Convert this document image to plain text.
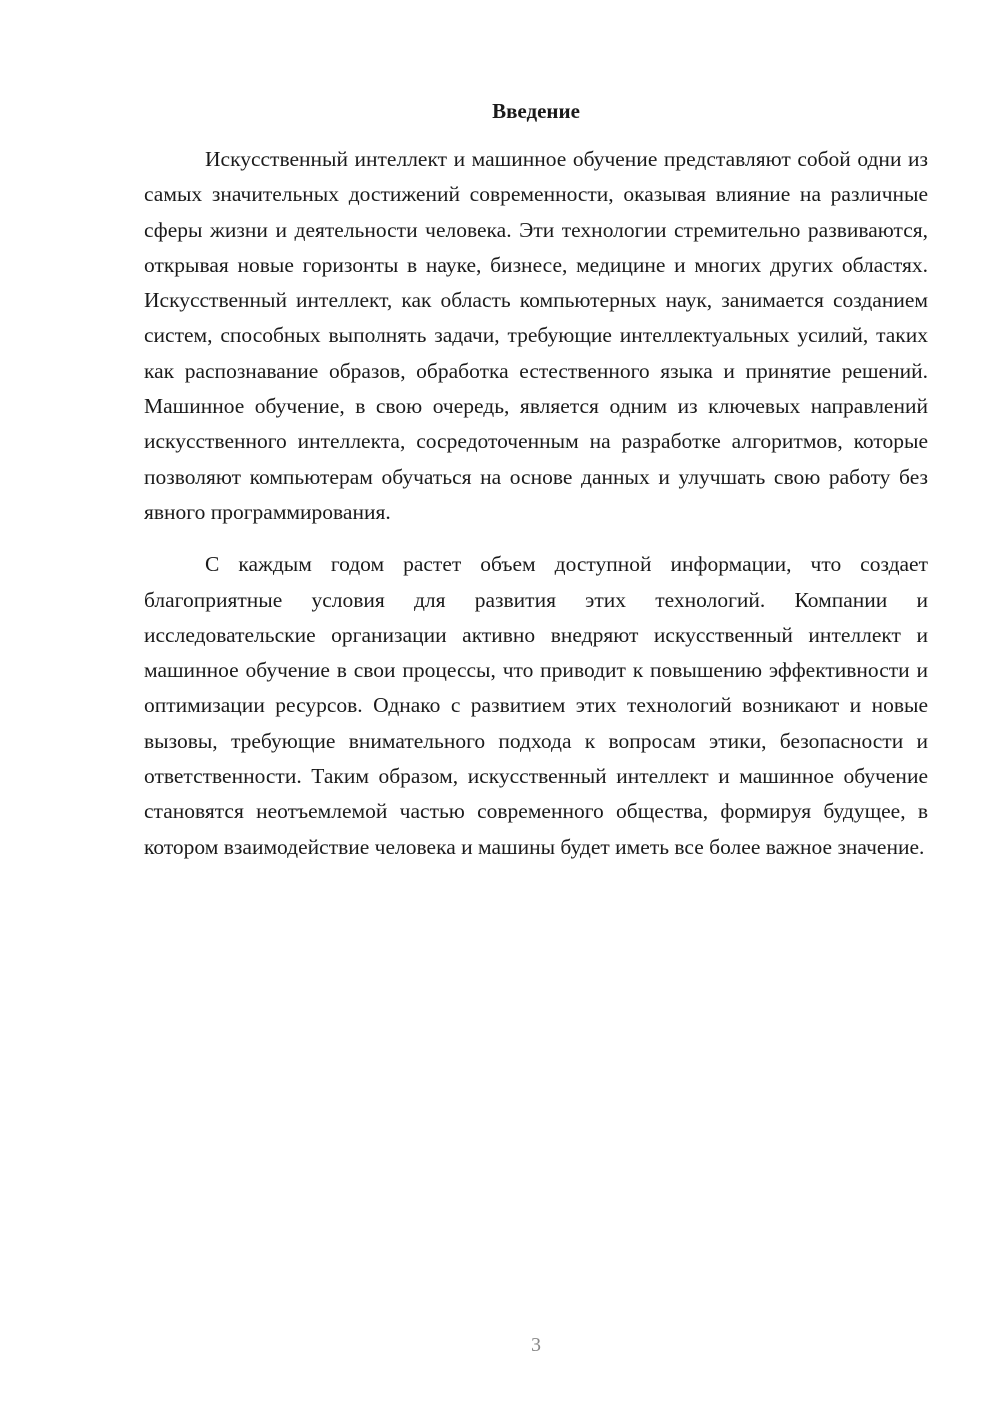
Введение

Искусственный интеллект и машинное обучение представляют собой одни из самых значительных достижений современности, оказывая влияние на различные сферы жизни и деятельности человека. Эти технологии стремительно развиваются, открывая новые горизонты в науке, бизнесе, медицине и многих других областях. Искусственный интеллект, как область компьютерных наук, занимается созданием систем, способных выполнять задачи, требующие интеллектуальных усилий, таких как распознавание образов, обработка естественного языка и принятие решений. Машинное обучение, в свою очередь, является одним из ключевых направлений искусственного интеллекта, сосредоточенным на разработке алгоритмов, которые позволяют компьютерам обучаться на основе данных и улучшать свою работу без явного программирования.

С каждым годом растет объем доступной информации, что создает благоприятные условия для развития этих технологий. Компании и исследовательские организации активно внедряют искусственный интеллект и машинное обучение в свои процессы, что приводит к повышению эффективности и оптимизации ресурсов. Однако с развитием этих технологий возникают и новые вызовы, требующие внимательного подхода к вопросам этики, безопасности и ответственности. Таким образом, искусственный интеллект и машинное обучение становятся неотъемлемой частью современного общества, формируя будущее, в котором взаимодействие человека и машины будет иметь все более важное значение.

3
